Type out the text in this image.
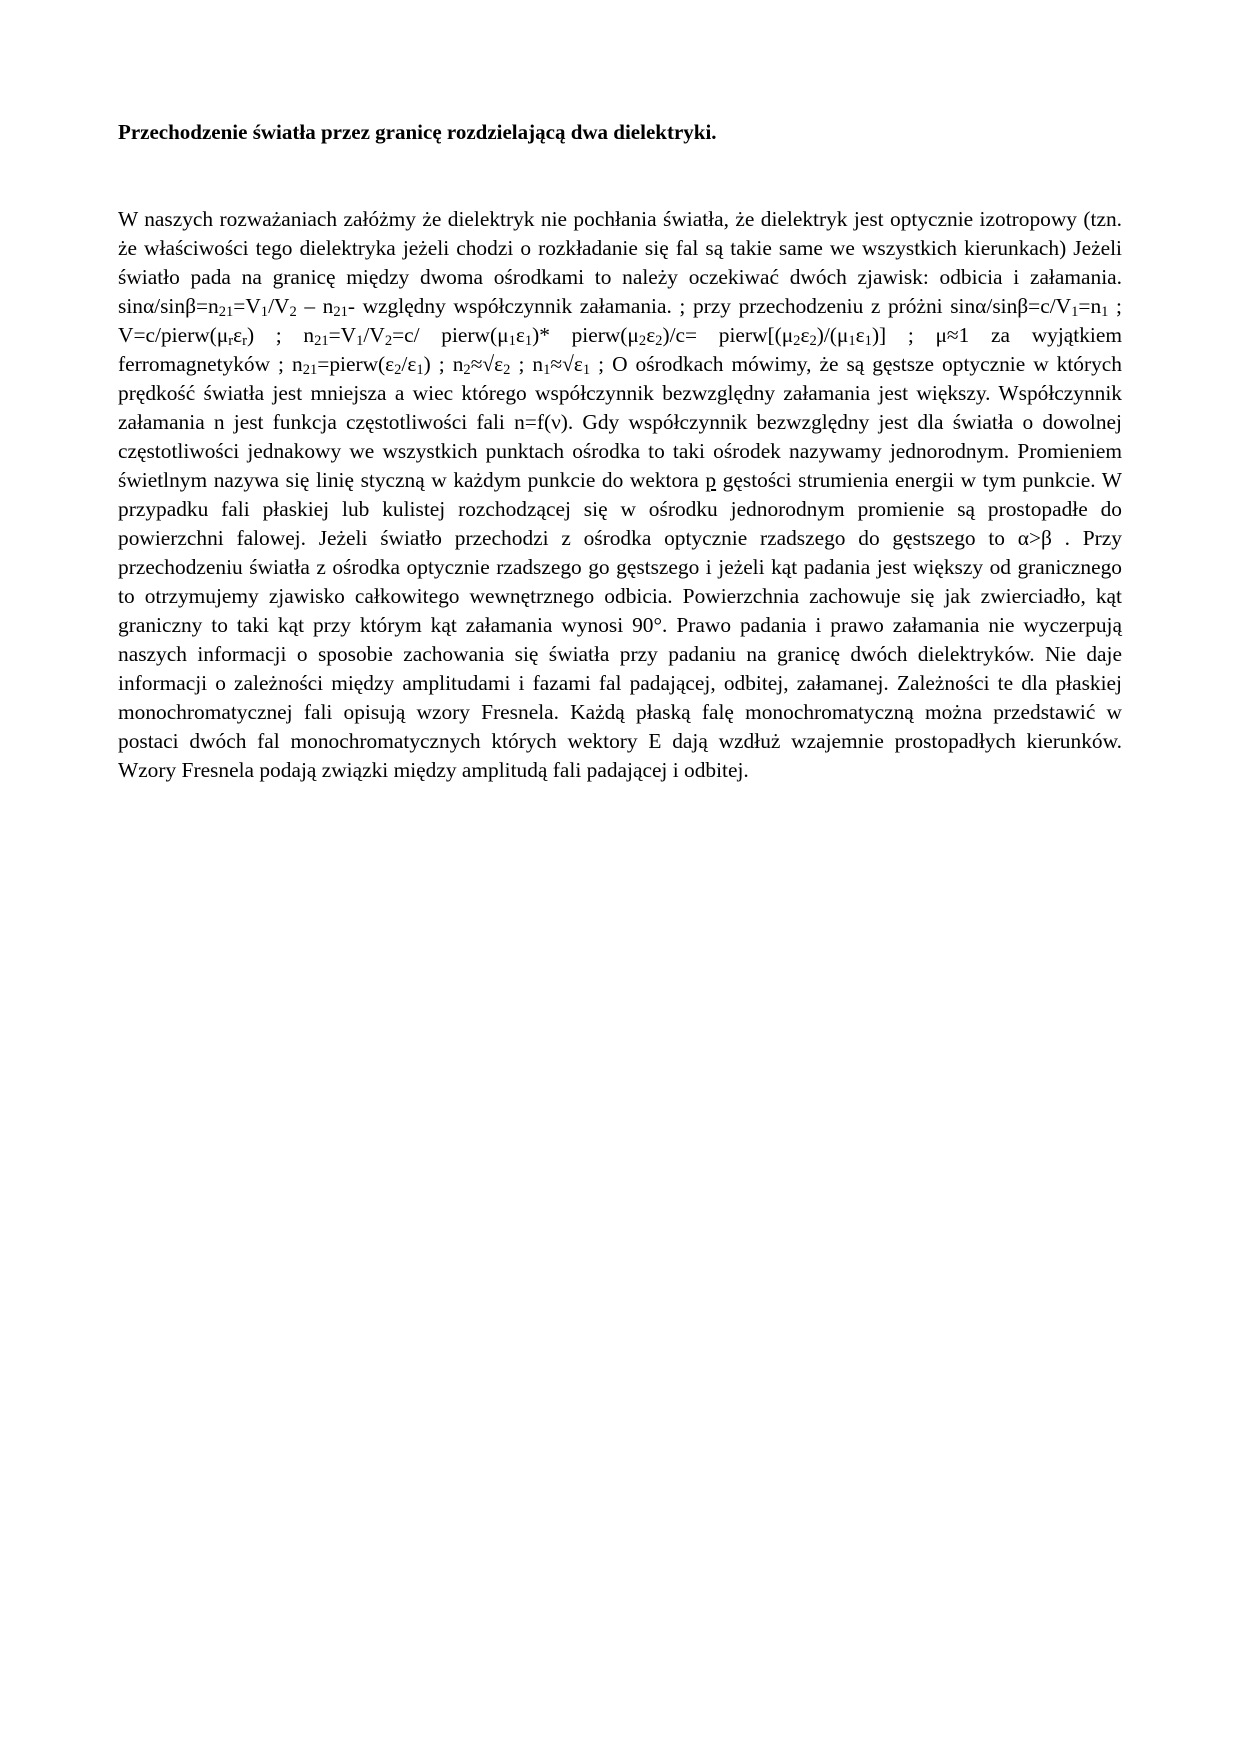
Przechodzenie światła przez granicę rozdzielającą dwa dielektryki.

W naszych rozważaniach załóżmy że dielektryk nie pochłania światła, że dielektryk jest optycznie izotropowy (tzn. że właściwości tego dielektryka jeżeli chodzi o rozkładanie się fal są takie same we wszystkich kierunkach) Jeżeli światło pada na granicę między dwoma ośrodkami to należy oczekiwać dwóch zjawisk: odbicia i załamania. sinα/$\sin\beta=n_{21}=V_1/V_2 - n_{21}-$ względny współczynnik załamania. ; przy przechodzeniu z próżni sinα/$\sin\beta=c/V_1=n_1$ ; $V=c/pierw(\mu_r\varepsilon_r)$ ; $n_{21}=V_1/V_2=c/$ $pierw(\mu_1\varepsilon_1)*$ $pierw(\mu_2\varepsilon_2)/c=$ $pierw[(\mu_2\varepsilon_2)/(\mu_1\varepsilon_1)]$ ; μ≈1 za wyjątkiem ferromagnetyków ; $n_{21}=pierw(\varepsilon_2/\varepsilon_1)$ ; $n_2\approx√\varepsilon_2$ ; $n_1\approx√\varepsilon_1$ ; O ośrodkach mówimy, że są gęstsze optycznie w których prędkość światła jest mniejsza a wiec którego współczynnik bezwzględny załamania jest większy. Współczynnik załamania n jest funkcja częstotliwości fali n=f(ν). Gdy współczynnik bezwzględny jest dla światła o dowolnej częstotliwości jednakowy we wszystkich punktach ośrodka to taki ośrodek nazywamy jednorodnym. Promieniem świetlnym nazywa się linię styczną w każdym punkcie do wektora p gęstości strumienia energii w tym punkcie. W przypadku fali płaskiej lub kulistej rozchodzącej się w ośrodku jednorodnym promienie są prostopadłe do powierzchni falowej. Jeżeli światło przechodzi z ośrodka optycznie rzadszego do gęstszego to α>β . Przy przechodzeniu światła z ośrodka optycznie rzadszego go gęstszego i jeżeli kąt padania jest większy od granicznego to otrzymujemy zjawisko całkowitego wewnętrznego odbicia. Powierzchnia zachowuje się jak zwierciadło, kąt graniczny to taki kąt przy którym kąt załamania wynosi 90°. Prawo padania i prawo załamania nie wyczerpują naszych informacji o sposobie zachowania się światła przy padaniu na granicę dwóch dielektryków. Nie daje informacji o zależności między amplitudami i fazami fal padającej, odbitej, załamanej. Zależności te dla płaskiej monochromatycznej fali opisują wzory Fresnela. Każdą płaską falę monochromatyczną można przedstawić w postaci dwóch fal monochromatycznych których wektory E dają wzdłuż wzajemnie prostopadłych kierunków. Wzory Fresnela podają związki między amplitudą fali padającej i odbitej.
